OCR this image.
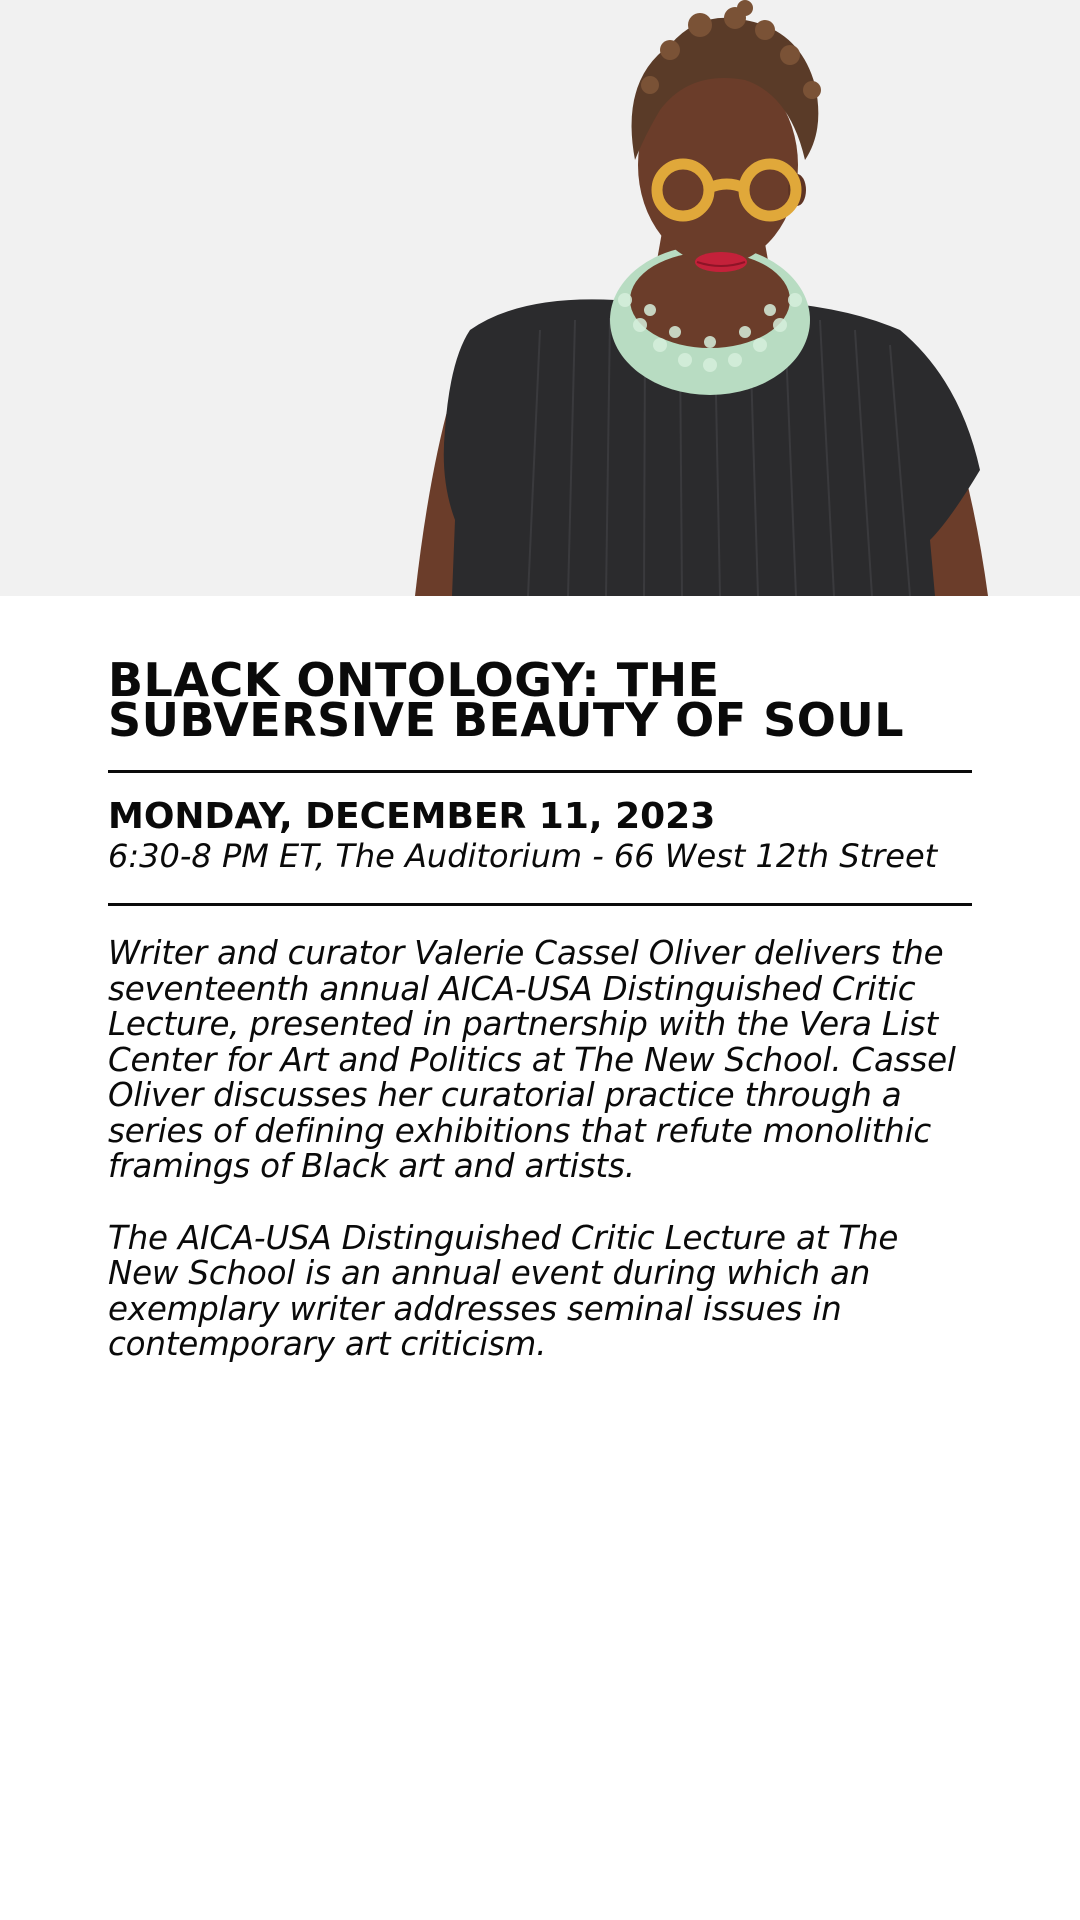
BLACK ONTOLOGY: THE
SUBVERSIVE BEAUTY OF SOUL
MONDAY, DECEMBER 11, 2023
6:30-8 PM ET, The Auditorium - 66 West 12th Street

Writer and curator Valerie Cassel Oliver delivers the seventeenth annual AICA-USA Distinguished Critic Lecture, presented in partnership with the Vera List Center for Art and Politics at The New School. Cassel Oliver discusses her curatorial practice through a series of defining exhibitions that refute monolithic framings of Black art and artists.

The AICA-USA Distinguished Critic Lecture at The New School is an annual event during which an exemplary writer addresses seminal issues in contemporary art criticism.
